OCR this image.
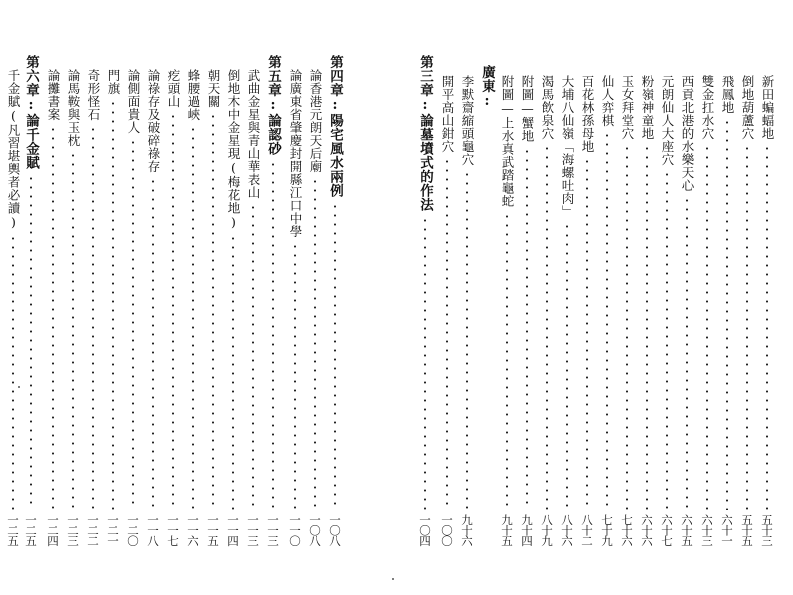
新田蝙蝠地
五十三
倒地葫蘆穴
五十五
飛鳳地
六十一
雙金扛水穴
六十三
西貢北港的水樂天心
六十五
元朗仙人大座穴
六十七
粉嶺神童地
六十六
玉女拜堂穴
七十六
仙人弈棋
七十九
百花林孫母地
八十二
大埔八仙嶺「海螺吐肉」
八十六
渴馬飲泉穴
八十九
附圖—蟹地
九十四
附圖—上水真武踏龜蛇
九十五
廣東:
李默齋縮頭龜穴
九十六
開平高山鉗穴
一〇〇
第三章:論墓墳式的作法
一〇四
第四章:陽宅風水兩例
一〇八
論香港元朗天后廟
一〇八
論廣東省肇慶封開縣江口中學
一一〇
第五章:論認砂
一一三
武曲金星與青山華表山
一一三
倒地木中金星現(梅花地)
一一四
朝天關
一一五
蜂腰過峽
一一六
疙頭山
一一七
論祿存及破碎祿存
一一八
論側面貴人
一二〇
門旗
一二一
奇形怪石
一二二
論馬鞍與玉枕
一二三
論攤書案
一二四
第六章:論千金賦
一二五
千金賦(凡習堪輿者必讀)
一二五
